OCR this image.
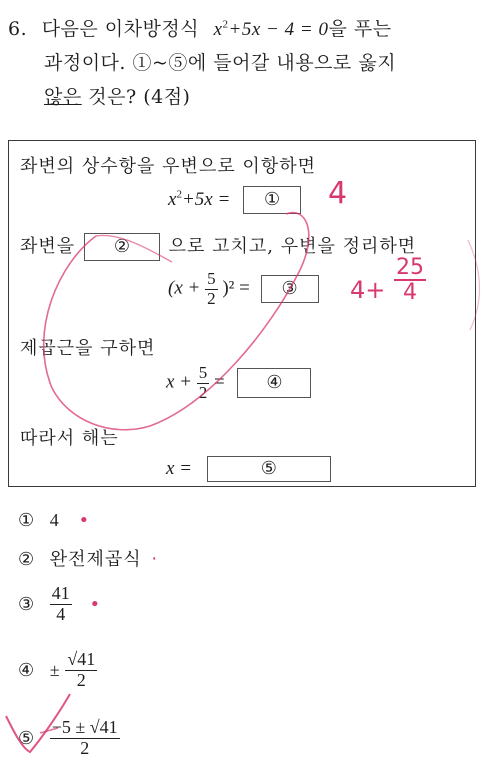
6. 다음은 이차방정식 $x^2+5x - 4 = 0$을 푸는
과정이다. ①~⑤에 들어갈 내용으로 옳지
않은 것은? (4점)
좌변의 상수항을 우변으로 이항하면
$x^2+5x$ = ①
좌변을 ② 으로 고치고, 우변을 정리하면
$(x + \frac{5}{2} )^2$ = ③
제곱근을 구하면
$x + \frac{5}{2}$ = ④
따라서 해는
x =	⑤
① 4 •
② 완전제곱식 ‧
③ $\frac{41}{4}$ •
④ ± $\frac{√41}{2}$
⑤ $\frac{-5 \pm √41}{2}$
4
4+
25
4
